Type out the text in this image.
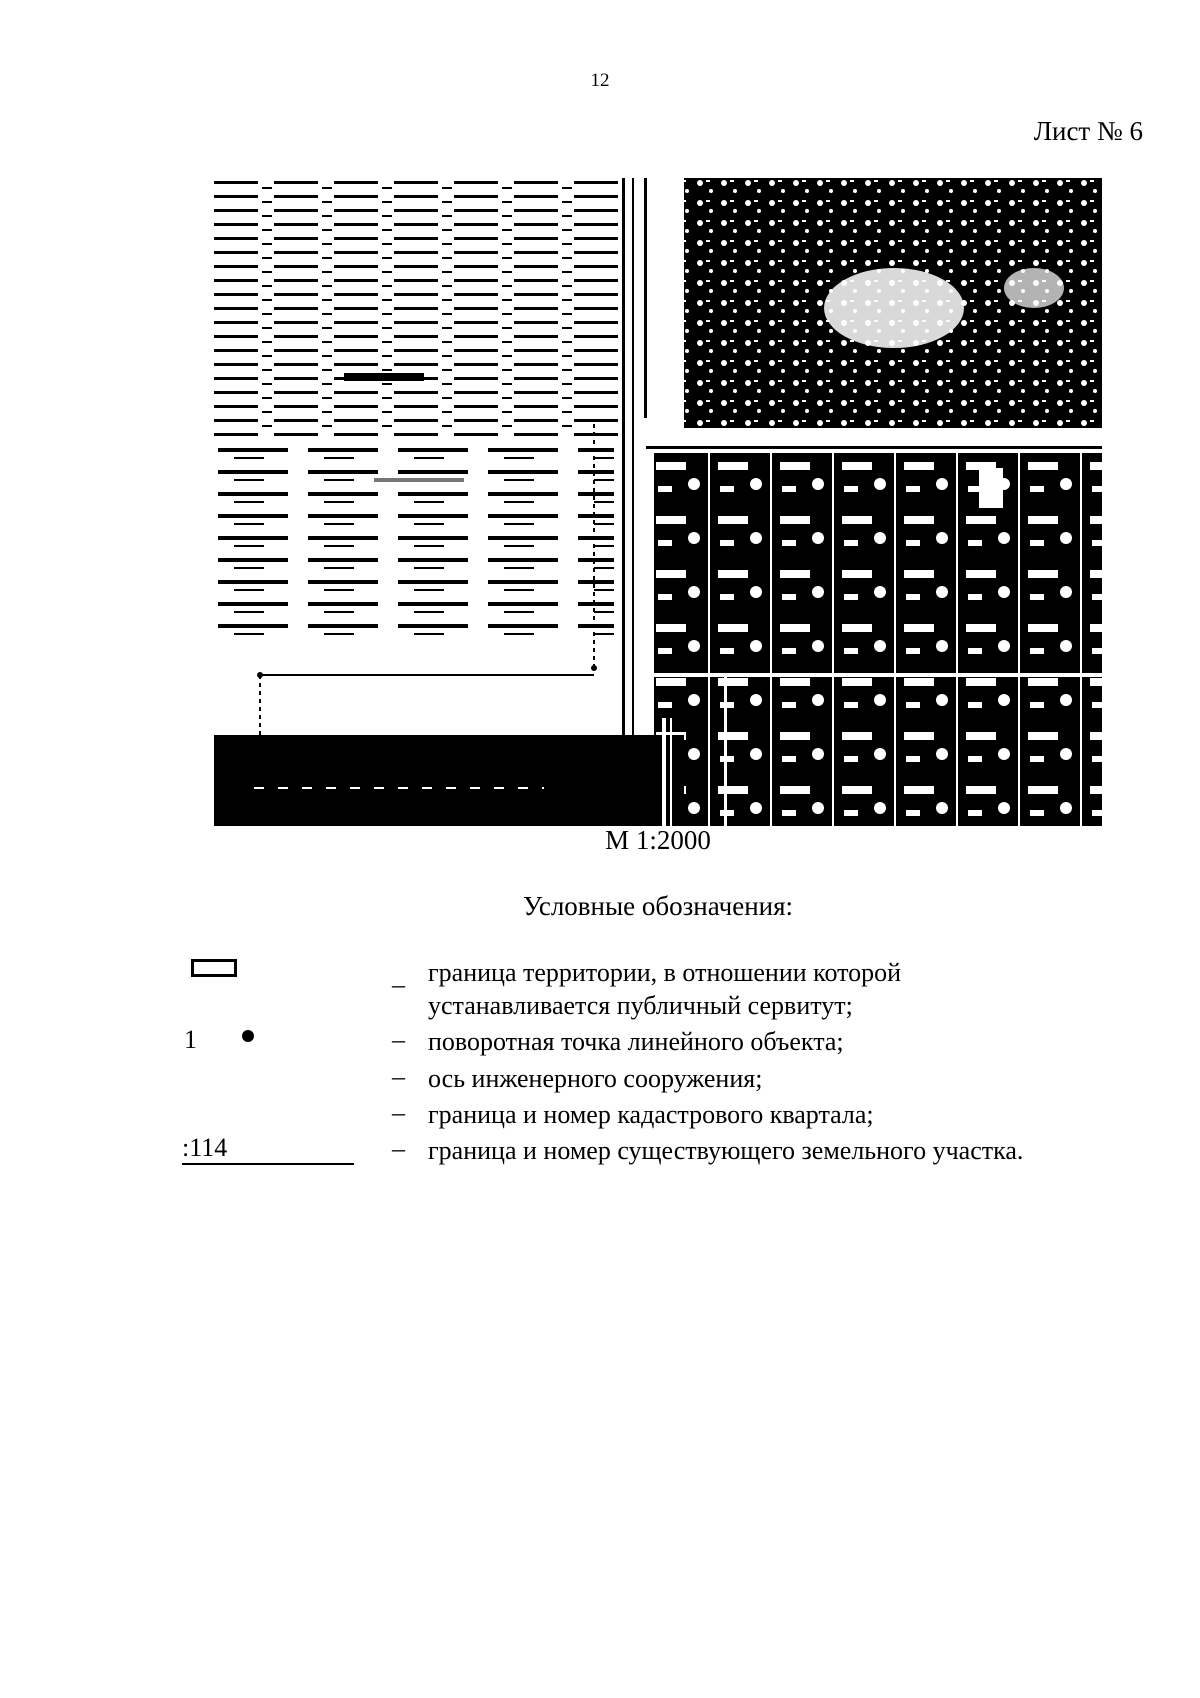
12
Лист № 6
М 1:2000
Условные обозначения:
– граница территории, в отношении которой
устанавливается публичный сервитут;
1	– поворотная точка линейного объекта;
– ось инженерного сооружения;
– граница и номер кадастрового квартала;
:114	– граница и номер существующего земельного участка.
